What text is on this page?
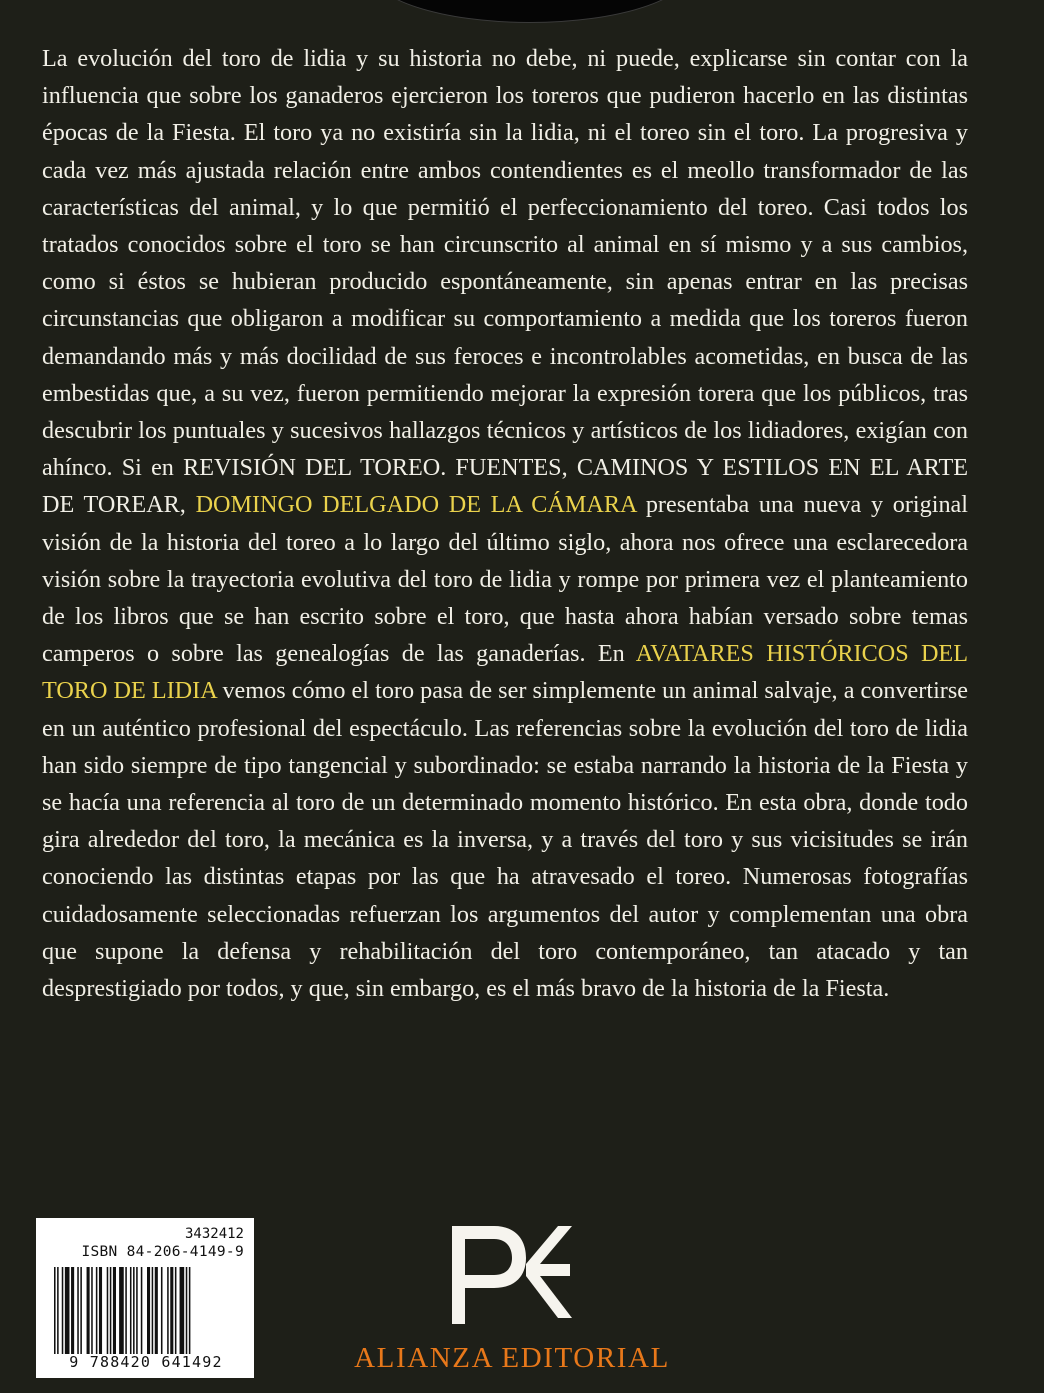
La evolución del toro de lidia y su historia no debe, ni puede, explicarse sin contar con la influencia que sobre los ganaderos ejercieron los toreros que pudieron hacerlo en las distintas épocas de la Fiesta. El toro ya no existiría sin la lidia, ni el toreo sin el toro. La progresiva y cada vez más ajustada relación entre ambos contendientes es el meollo transformador de las características del animal, y lo que permitió el perfeccionamiento del toreo. Casi todos los tratados conocidos sobre el toro se han circunscrito al animal en sí mismo y a sus cambios, como si éstos se hubieran producido espontáneamente, sin apenas entrar en las precisas circunstancias que obligaron a modificar su comportamiento a medida que los toreros fueron demandando más y más docilidad de sus feroces e incontrolables acometidas, en busca de las embestidas que, a su vez, fueron permitiendo mejorar la expresión torera que los públicos, tras descubrir los puntuales y sucesivos hallazgos técnicos y artísticos de los lidiadores, exigían con ahínco. Si en REVISIÓN DEL TOREO. FUENTES, CAMINOS Y ESTILOS EN EL ARTE DE TOREAR, DOMINGO DELGADO DE LA CÁMARA presentaba una nueva y original visión de la historia del toreo a lo largo del último siglo, ahora nos ofrece una esclarecedora visión sobre la trayectoria evolutiva del toro de lidia y rompe por primera vez el planteamiento de los libros que se han escrito sobre el toro, que hasta ahora habían versado sobre temas camperos o sobre las genealogías de las ganaderías. En AVATARES HISTÓRICOS DEL TORO DE LIDIA vemos cómo el toro pasa de ser simplemente un animal salvaje, a convertirse en un auténtico profesional del espectáculo. Las referencias sobre la evolución del toro de lidia han sido siempre de tipo tangencial y subordinado: se estaba narrando la historia de la Fiesta y se hacía una referencia al toro de un determinado momento histórico. En esta obra, donde todo gira alrededor del toro, la mecánica es la inversa, y a través del toro y sus vicisitudes se irán conociendo las distintas etapas por las que ha atravesado el toreo. Numerosas fotografías cuidadosamente seleccionadas refuerzan los argumentos del autor y complementan una obra que supone la defensa y rehabilitación del toro contemporáneo, tan atacado y tan desprestigiado por todos, y que, sin embargo, es el más bravo de la historia de la Fiesta.

3432412
ISBN 84-206-4149-9
9 788420 641492	ALIANZA EDITORIAL
